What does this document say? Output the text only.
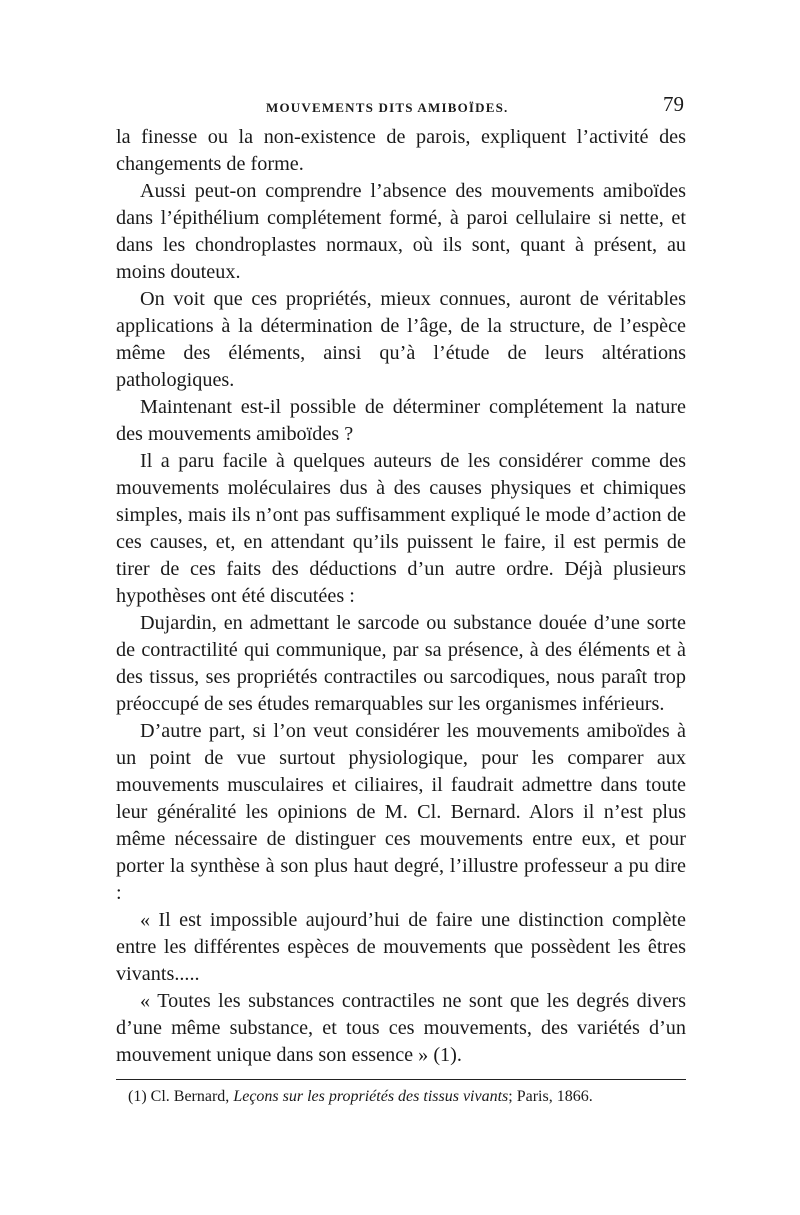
MOUVEMENTS DITS AMIBOÏDES.	79

la finesse ou la non-existence de parois, expliquent l’activité des changements de forme.

Aussi peut-on comprendre l’absence des mouvements amiboïdes dans l’épithélium complétement formé, à paroi cellulaire si nette, et dans les chondroplastes normaux, où ils sont, quant à présent, au moins douteux.

On voit que ces propriétés, mieux connues, auront de véritables applications à la détermination de l’âge, de la structure, de l’espèce même des éléments, ainsi qu’à l’étude de leurs altérations pathologiques.

Maintenant est-il possible de déterminer complétement la nature des mouvements amiboïdes ?

Il a paru facile à quelques auteurs de les considérer comme des mouvements moléculaires dus à des causes physiques et chimiques simples, mais ils n’ont pas suffisamment expliqué le mode d’action de ces causes, et, en attendant qu’ils puissent le faire, il est permis de tirer de ces faits des déductions d’un autre ordre. Déjà plusieurs hypothèses ont été discutées :

Dujardin, en admettant le sarcode ou substance douée d’une sorte de contractilité qui communique, par sa présence, à des éléments et à des tissus, ses propriétés contractiles ou sarcodiques, nous paraît trop préoccupé de ses études remarquables sur les organismes inférieurs.

D’autre part, si l’on veut considérer les mouvements amiboïdes à un point de vue surtout physiologique, pour les comparer aux mouvements musculaires et ciliaires, il faudrait admettre dans toute leur généralité les opinions de M. Cl. Bernard. Alors il n’est plus même nécessaire de distinguer ces mouvements entre eux, et pour porter la synthèse à son plus haut degré, l’illustre professeur a pu dire :

« Il est impossible aujourd’hui de faire une distinction complète entre les différentes espèces de mouvements que possèdent les êtres vivants.....

« Toutes les substances contractiles ne sont que les degrés divers d’une même substance, et tous ces mouvements, des variétés d’un mouvement unique dans son essence » (1).

(1) Cl. Bernard, Leçons sur les propriétés des tissus vivants; Paris, 1866.
